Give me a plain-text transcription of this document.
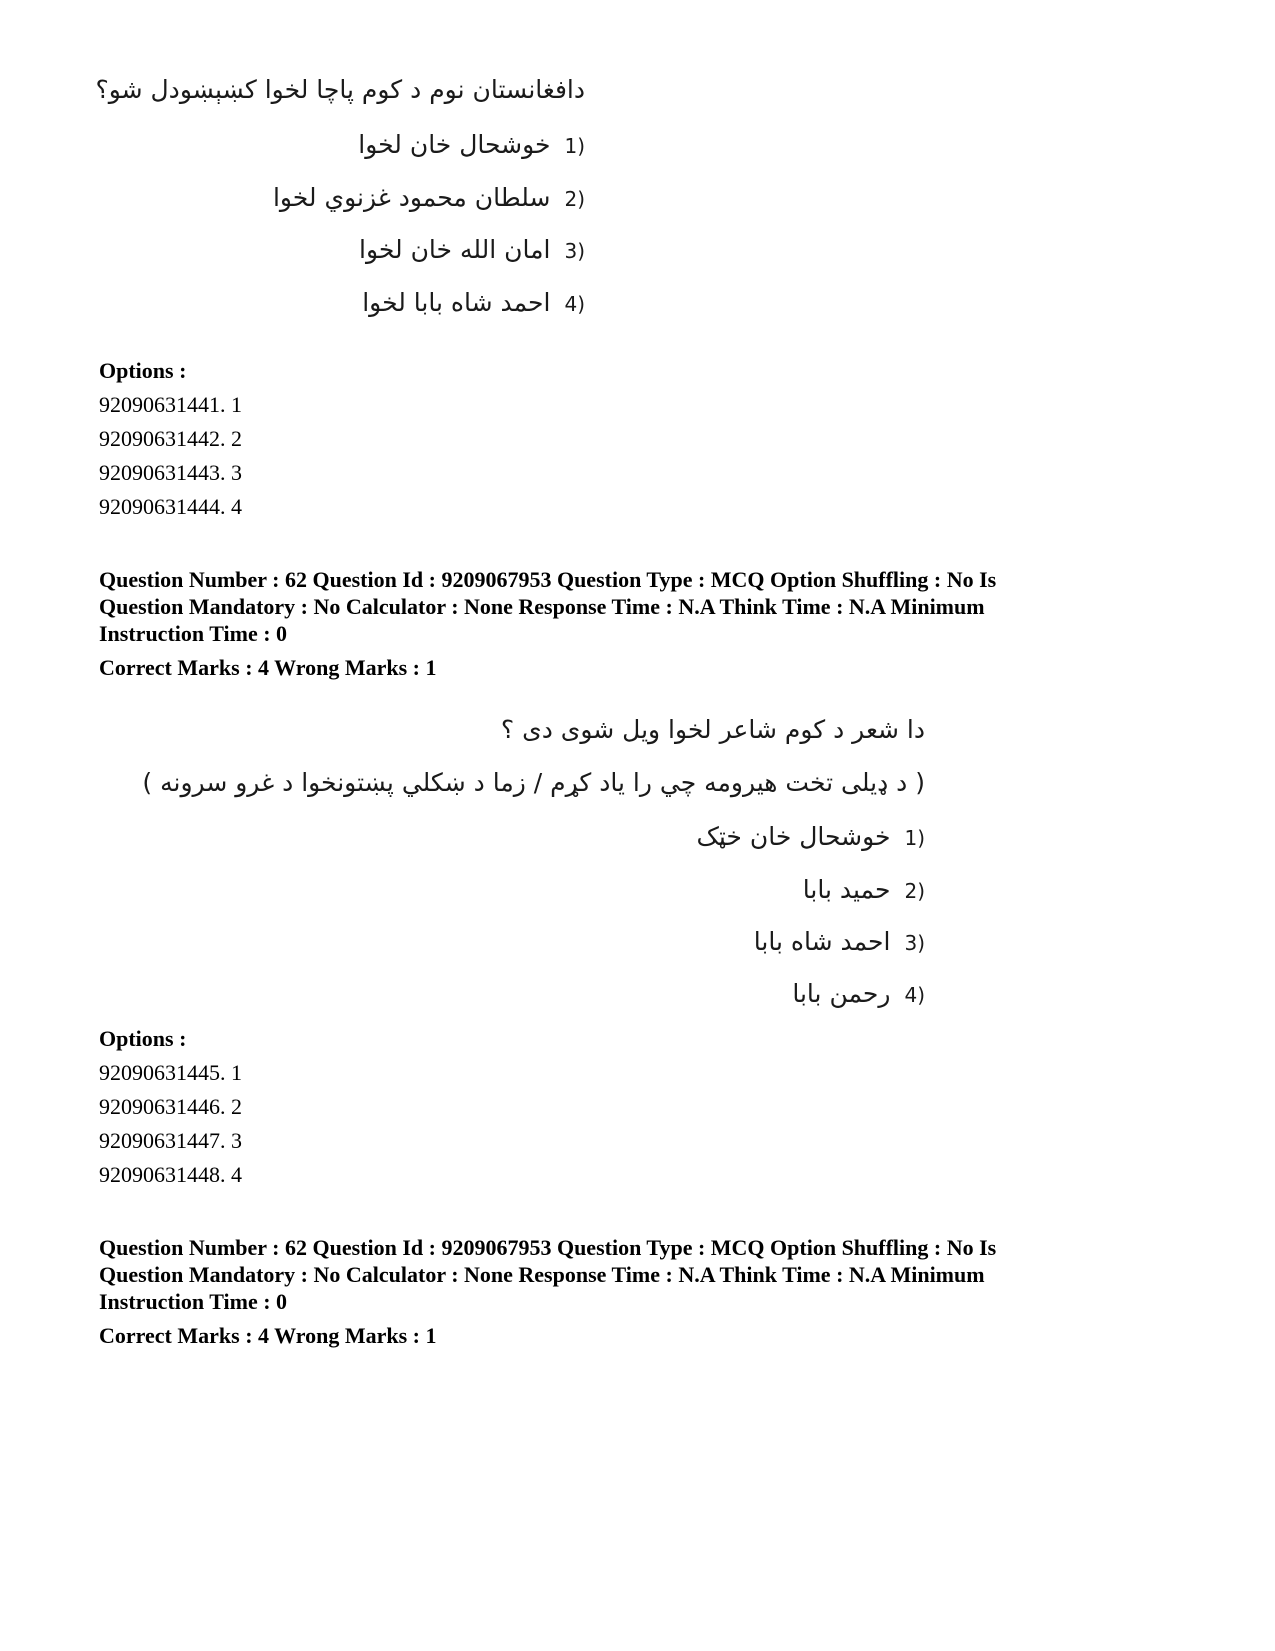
دافغانستان نوم د کوم پاچا لخوا کښېښودل شو؟
(1
خوشحال خان لخوا
(2
سلطان محمود غزنوي لخوا
(3
امان الله خان لخوا
(4
احمد شاه بابا لخوا
Options :
92090631441. 1
92090631442. 2
92090631443. 3
92090631444. 4

Question Number : 62 Question Id : 9209067953 Question Type : MCQ Option Shuffling : No Is

Question Mandatory : No Calculator : None Response Time : N.A Think Time : N.A Minimum

Instruction Time : 0

Correct Marks : 4 Wrong Marks : 1
دا شعر د کوم شاعر لخوا ويل شوی دی ؟
( د ډیلی تخت هیرومه چي را یاد کړم / زما د ښکلي پښتونخوا د غرو سرونه )
(1
خوشحال خان خټک
(2
حمید بابا
(3
احمد شاه بابا
(4
رحمن بابا
Options :
92090631445. 1
92090631446. 2
92090631447. 3
92090631448. 4

Question Number : 62 Question Id : 9209067953 Question Type : MCQ Option Shuffling : No Is

Question Mandatory : No Calculator : None Response Time : N.A Think Time : N.A Minimum

Instruction Time : 0

Correct Marks : 4 Wrong Marks : 1
